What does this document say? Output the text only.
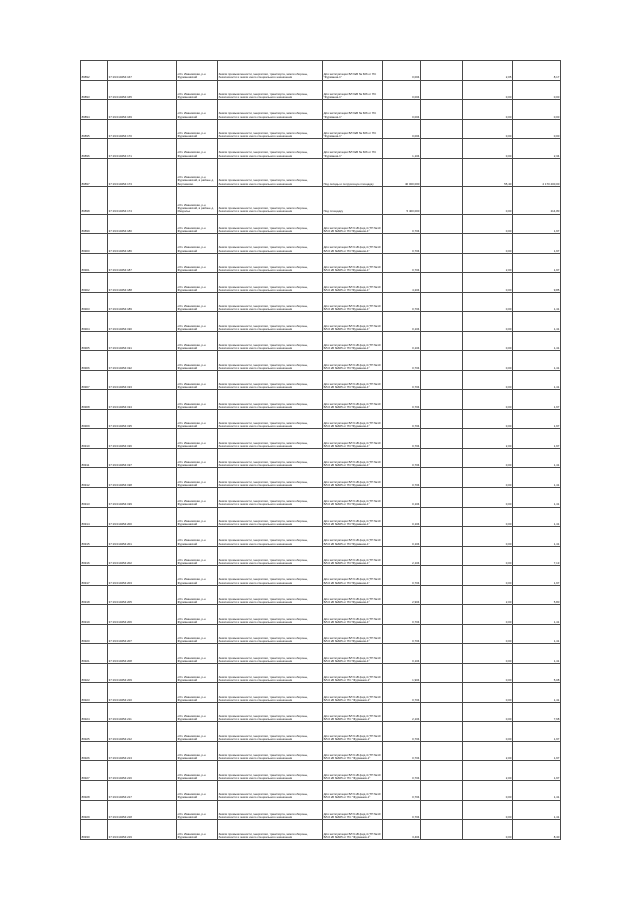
86892	37:19:010254:167	обл. Ивановская, р-н Фурмановский	Земли промышленности, энергетики, транспорта, земли обороны, безопасности и земли иного специального назначения	Для эксплуатации ВЛ 6кВ № 606 от ПС "Фурманов-1"	0,004		2,05	8,17
86893	37:19:010254:165	обл. Ивановская, р-н Фурмановский	Земли промышленности, энергетики, транспорта, земли обороны, безопасности и земли иного специального назначения	Для эксплуатации ВЛ 6кВ № 606 от ПС "Фурманов-1"	0,004		0,00	0,00
86894	37:19:010254:169	обл. Ивановская, р-н Фурмановский	Земли промышленности, энергетики, транспорта, земли обороны, безопасности и земли иного специального назначения	Для эксплуатации ВЛ 6кВ № 606 от ПС "Фурманов-1"	0,004		0,00	0,00
86895	37:19:010254:170	обл. Ивановская, р-н Фурмановский	Земли промышленности, энергетики, транспорта, земли обороны, безопасности и земли иного специального назначения	Для эксплуатации ВЛ 6кВ № 606 от ПС "Фурманов-1"	0,004		0,00	0,00
86896	37:19:010254:171	обл. Ивановская, р-н Фурмановский	Земли промышленности, энергетики, транспорта, земли обороны, безопасности и земли иного специального назначения	Для эксплуатации ВЛ 6кВ № 606 от ПС "Фурманов-1"	1,104		0,00	2,34
86897	37:19:010254:173	обл. Ивановская, р-н Фурмановский, в районе д. Бортниково	Земли промышленности, энергетики, транспорта, земли обороны, безопасности и земли иного специального назначения	Под склады и погрузочную площадку	40 000,000		55,40	2 170 400,00
86898	37:19:010254:174	обл. Ивановская, р-н Фурмановский, в районе д. Раздолье	Земли промышленности, энергетики, транспорта, земли обороны, безопасности и земли иного специального назначения	Под площадку	5 400,000		0,00	214,80
86899	37:19:010254:180	обл. Ивановская, р-н Фурмановский	Земли промышленности, энергетики, транспорта, земли обороны, безопасности и земли иного специального назначения	Для эксплуатации ВЛ 6 кВ фид.4 (ТП №10 ВЛ-6 кВ №605 от ПС"Фурманов-1"	0,704		0,00	1,97
86900	37:19:010254:186	обл. Ивановская, р-н Фурмановский	Земли промышленности, энергетики, транспорта, земли обороны, безопасности и земли иного специального назначения	Для эксплуатации ВЛ 6 кВ фид.4 (ТП №10 ВЛ-6 кВ №605 от ПС"Фурманов-1"	0,704		0,00	1,97
86901	37:19:010254:187	обл. Ивановская, р-н Фурмановский	Земли промышленности, энергетики, транспорта, земли обороны, безопасности и земли иного специального назначения	Для эксплуатации ВЛ 6 кВ фид.4 (ТП №10 ВЛ-6 кВ №605 от ПС"Фурманов-1"	0,704		2,00	1,97
86902	37:19:010254:188	обл. Ивановская, р-н Фурмановский	Земли промышленности, энергетики, транспорта, земли обороны, безопасности и земли иного специального назначения	Для эксплуатации ВЛ 6 кВ фид.4 (ТП №10 ВЛ-6 кВ №605 от ПС"Фурманов-1"	4,204		0,00	9,85
86903	37:19:010254:189	обл. Ивановская, р-н Фурмановский	Земли промышленности, энергетики, транспорта, земли обороны, безопасности и земли иного специального назначения	Для эксплуатации ВЛ 6 кВ фид.4 (ТП №10 ВЛ-6 кВ №605 от ПС"Фурманов-1"	0,704		0,00	1,41
86904	37:19:010254:190	обл. Ивановская, р-н Фурмановский	Земли промышленности, энергетики, транспорта, земли обороны, безопасности и земли иного специального назначения	Для эксплуатации ВЛ 6 кВ фид.4 (ТП №10 ВЛ-6 кВ №605 от ПС"Фурманов-1"	0,104		0,00	1,41
86905	37:19:010254:191	обл. Ивановская, р-н Фурмановский	Земли промышленности, энергетики, транспорта, земли обороны, безопасности и земли иного специального назначения	Для эксплуатации ВЛ 6 кВ фид.4 (ТП №10 ВЛ-6 кВ №605 от ПС"Фурманов-1"	0,104		0,00	1,41
86906	37:19:010254:192	обл. Ивановская, р-н Фурмановский	Земли промышленности, энергетики, транспорта, земли обороны, безопасности и земли иного специального назначения	Для эксплуатации ВЛ 6 кВ фид.4 (ТП №10 ВЛ-6 кВ №605 от ПС"Фурманов-1"	0,704		0,00	1,41
86907	37:19:010254:193	обл. Ивановская, р-н Фурмановский	Земли промышленности, энергетики, транспорта, земли обороны, безопасности и земли иного специального назначения	Для эксплуатации ВЛ 6 кВ фид.4 (ТП №10 ВЛ-6 кВ №605 от ПС"Фурманов-1"	0,704		0,00	1,41
86908	37:19:010254:194	обл. Ивановская, р-н Фурмановский	Земли промышленности, энергетики, транспорта, земли обороны, безопасности и земли иного специального назначения	Для эксплуатации ВЛ 6 кВ фид.4 (ТП №10 ВЛ-6 кВ №605 от ПС"Фурманов-1"	0,704		0,00	1,97
86909	37:19:010254:195	обл. Ивановская, р-н Фурмановский	Земли промышленности, энергетики, транспорта, земли обороны, безопасности и земли иного специального назначения	Для эксплуатации ВЛ 6 кВ фид.4 (ТП №10 ВЛ-6 кВ №605 от ПС"Фурманов-1"	0,704		0,00	1,97
86910	37:19:010254:196	обл. Ивановская, р-н Фурмановский	Земли промышленности, энергетики, транспорта, земли обороны, безопасности и земли иного специального назначения	Для эксплуатации ВЛ 6 кВ фид.4 (ТП №10 ВЛ-6 кВ №605 от ПС"Фурманов-1"	0,704		2,00	1,97
86911	37:19:010254:197	обл. Ивановская, р-н Фурмановский	Земли промышленности, энергетики, транспорта, земли обороны, безопасности и земли иного специального назначения	Для эксплуатации ВЛ 6 кВ фид.4 (ТП №10 ВЛ-6 кВ №605 от ПС"Фурманов-1"	0,704		0,00	1,41
86912	37:19:010254:198	обл. Ивановская, р-н Фурмановский	Земли промышленности, энергетики, транспорта, земли обороны, безопасности и земли иного специального назначения	Для эксплуатации ВЛ 6 кВ фид.4 (ТП №10 ВЛ-6 кВ №605 от ПС"Фурманов-1"	0,704		0,00	1,41
86913	37:19:010254:199	обл. Ивановская, р-н Фурмановский	Земли промышленности, энергетики, транспорта, земли обороны, безопасности и земли иного специального назначения	Для эксплуатации ВЛ 6 кВ фид.4 (ТП №10 ВЛ-6 кВ №605 от ПС"Фурманов-1"	0,104		0,00	1,41
86914	37:19:010254:200	обл. Ивановская, р-н Фурмановский	Земли промышленности, энергетики, транспорта, земли обороны, безопасности и земли иного специального назначения	Для эксплуатации ВЛ 6 кВ фид.4 (ТП №10 ВЛ-6 кВ №605 от ПС"Фурманов-1"	0,104		0,00	1,41
86915	37:19:010254:201	обл. Ивановская, р-н Фурмановский	Земли промышленности, энергетики, транспорта, земли обороны, безопасности и земли иного специального назначения	Для эксплуатации ВЛ 6 кВ фид.4 (ТП №10 ВЛ-6 кВ №605 от ПС"Фурманов-1"	0,104		0,00	1,41
86916	37:19:010254:202	обл. Ивановская, р-н Фурмановский	Земли промышленности, энергетики, транспорта, земли обороны, безопасности и земли иного специального назначения	Для эксплуатации ВЛ 6 кВ фид.4 (ТП №10 ВЛ-6 кВ №605 от ПС"Фурманов-1"	2,104		0,00	7,13
86917	37:19:010254:203	обл. Ивановская, р-н Фурмановский	Земли промышленности, энергетики, транспорта, земли обороны, безопасности и земли иного специального назначения	Для эксплуатации ВЛ 6 кВ фид.4 (ТП №10 ВЛ-6 кВ №605 от ПС"Фурманов-1"	0,704		0,00	1,97
86918	37:19:010254:205	обл. Ивановская, р-н Фурмановский	Земли промышленности, энергетики, транспорта, земли обороны, безопасности и земли иного специального назначения	Для эксплуатации ВЛ 6 кВ фид.4 (ТП №10 ВЛ-6 кВ №605 от ПС"Фурманов-1"	2,904		2,00	5,80
86919	37:19:010254:206	обл. Ивановская, р-н Фурмановский	Земли промышленности, энергетики, транспорта, земли обороны, безопасности и земли иного специального назначения	Для эксплуатации ВЛ 6 кВ фид.4 (ТП №10 ВЛ-6 кВ №605 от ПС"Фурманов-1"	0,704		0,00	1,41
86920	37:19:010254:207	обл. Ивановская, р-н Фурмановский	Земли промышленности, энергетики, транспорта, земли обороны, безопасности и земли иного специального назначения	Для эксплуатации ВЛ 6 кВ фид.4 (ТП №10 ВЛ-6 кВ №605 от ПС"Фурманов-1"	0,704		0,00	1,41
86921	37:19:010254:208	обл. Ивановская, р-н Фурмановский	Земли промышленности, энергетики, транспорта, земли обороны, безопасности и земли иного специального назначения	Для эксплуатации ВЛ 6 кВ фид.4 (ТП №10 ВЛ-6 кВ №605 от ПС"Фурманов-1"	0,104		0,00	1,41
86922	37:19:010254:209	обл. Ивановская, р-н Фурмановский	Земли промышленности, энергетики, транспорта, земли обороны, безопасности и земли иного специального назначения	Для эксплуатации ВЛ 6 кВ фид.4 (ТП №10 ВЛ-6 кВ №605 от ПС "Фурманов-1"	1,904		0,00	5,08
86923	37:19:010254:210	обл. Ивановская, р-н Фурмановский	Земли промышленности, энергетики, транспорта, земли обороны, безопасности и земли иного специального назначения	Для эксплуатации ВЛ 6 кВ фид.4 (ТП №10 ВЛ-6 кВ №605 от ПС "Фурманов-1"	0,704		0,00	1,41
86924	37:19:010254:211	обл. Ивановская, р-н Фурмановский	Земли промышленности, энергетики, транспорта, земли обороны, безопасности и земли иного специального назначения	Для эксплуатации ВЛ 6 кВ фид.4 (ТП №10 ВЛ-6 кВ №605 от ПС "Фурманов-1"	2,104		0,00	7,68
86925	37:19:010254:212	обл. Ивановская, р-н Фурмановский	Земли промышленности, энергетики, транспорта, земли обороны, безопасности и земли иного специального назначения	Для эксплуатации ВЛ 6 кВ фид.4 (ТП №10 ВЛ-6 кВ №605 от ПС "Фурманов-1"	0,704		0,00	1,97
86926	37:19:010254:213	обл. Ивановская, р-н Фурмановский	Земли промышленности, энергетики, транспорта, земли обороны, безопасности и земли иного специального назначения	Для эксплуатации ВЛ 6 кВ фид.4 (ТП №10 ВЛ-6 кВ №605 от ПС "Фурманов-1"	0,704		2,00	1,97
86927	37:19:010254:216	обл. Ивановская, р-н Фурмановский	Земли промышленности, энергетики, транспорта, земли обороны, безопасности и земли иного специального назначения	Для эксплуатации ВЛ 6 кВ фид.4 (ТП №10 ВЛ-6 кВ №605 от ПС "Фурманов-1"	0,704		2,00	1,97
86928	37:19:010254:217	обл. Ивановская, р-н Фурмановский	Земли промышленности, энергетики, транспорта, земли обороны, безопасности и земли иного специального назначения	Для эксплуатации ВЛ 6 кВ фид.4 (ТП №10 ВЛ-6 кВ №605 от ПС "Фурманов-1"	0,704		0,00	1,41
86929	37:19:010254:218	обл. Ивановская, р-н Фурмановский	Земли промышленности, энергетики, транспорта, земли обороны, безопасности и земли иного специального назначения	Для эксплуатации ВЛ 6 кВ фид.4 (ТП №10 ВЛ-6 кВ №605 от ПС "Фурманов-1"	0,704		0,00	1,41
86930	37:19:010254:219	обл. Ивановская, р-н Фурмановский	Земли промышленности, энергетики, транспорта, земли обороны, безопасности и земли иного специального назначения	Для эксплуатации ВЛ 6 кВ фид.4 (ТП №10 ВЛ-6 кВ №605 от ПС "Фурманов-1"	3,404		0,00	8,40
